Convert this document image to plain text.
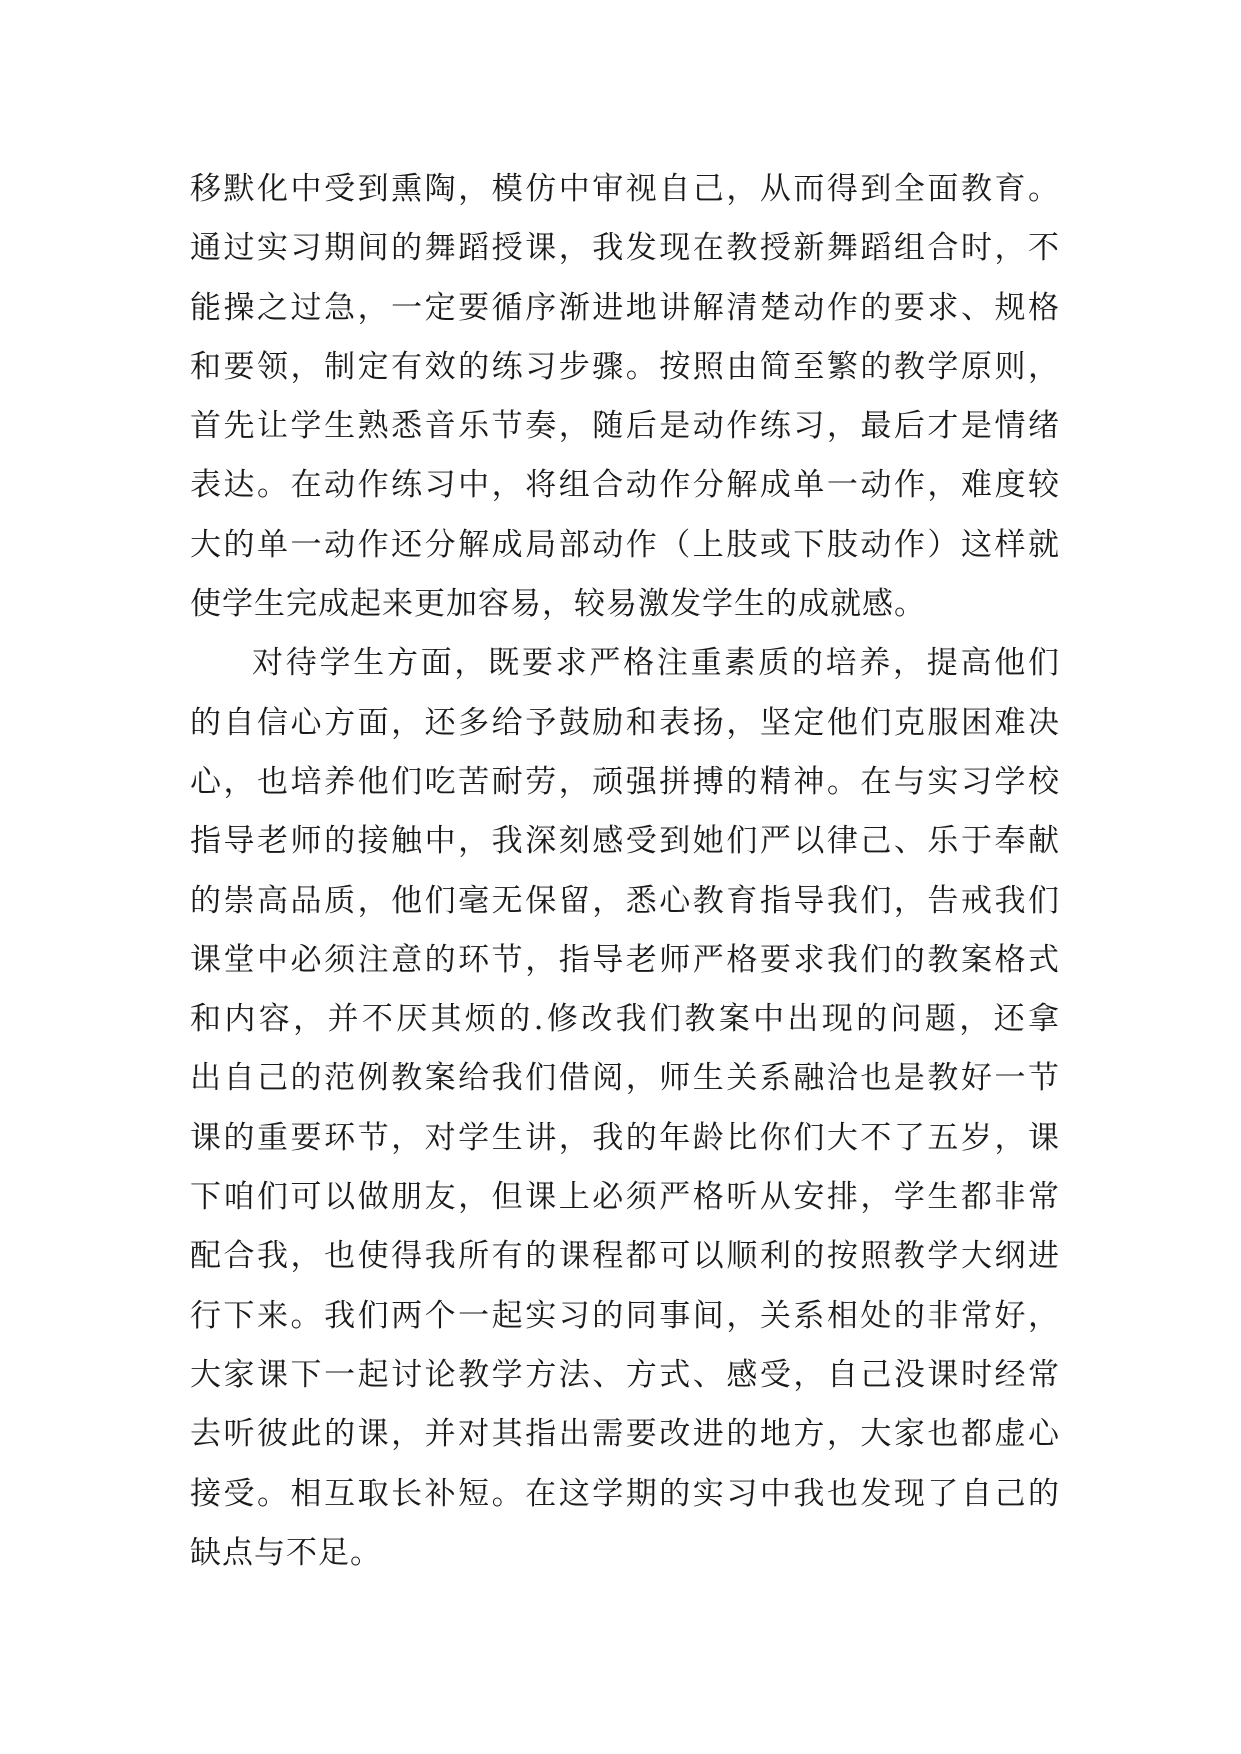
移默化中受到熏陶，模仿中审视自己，从而得到全面教育。
通过实习期间的舞蹈授课，我发现在教授新舞蹈组合时，不
能操之过急，一定要循序渐进地讲解清楚动作的要求、规格
和要领，制定有效的练习步骤。按照由简至繁的教学原则，
首先让学生熟悉音乐节奏，随后是动作练习，最后才是情绪
表达。在动作练习中，将组合动作分解成单一动作，难度较
大的单一动作还分解成局部动作（上肢或下肢动作）这样就
使学生完成起来更加容易，较易激发学生的成就感。
对待学生方面，既要求严格注重素质的培养，提高他们
的自信心方面，还多给予鼓励和表扬，坚定他们克服困难决
心，也培养他们吃苦耐劳，顽强拼搏的精神。在与实习学校
指导老师的接触中，我深刻感受到她们严以律己、乐于奉献
的崇高品质，他们毫无保留，悉心教育指导我们，告戒我们
课堂中必须注意的环节，指导老师严格要求我们的教案格式
和内容，并不厌其烦的.修改我们教案中出现的问题，还拿
出自己的范例教案给我们借阅，师生关系融洽也是教好一节
课的重要环节，对学生讲，我的年龄比你们大不了五岁，课
下咱们可以做朋友，但课上必须严格听从安排，学生都非常
配合我，也使得我所有的课程都可以顺利的按照教学大纲进
行下来。我们两个一起实习的同事间，关系相处的非常好，
大家课下一起讨论教学方法、方式、感受，自己没课时经常
去听彼此的课，并对其指出需要改进的地方，大家也都虚心
接受。相互取长补短。在这学期的实习中我也发现了自己的
缺点与不足。
